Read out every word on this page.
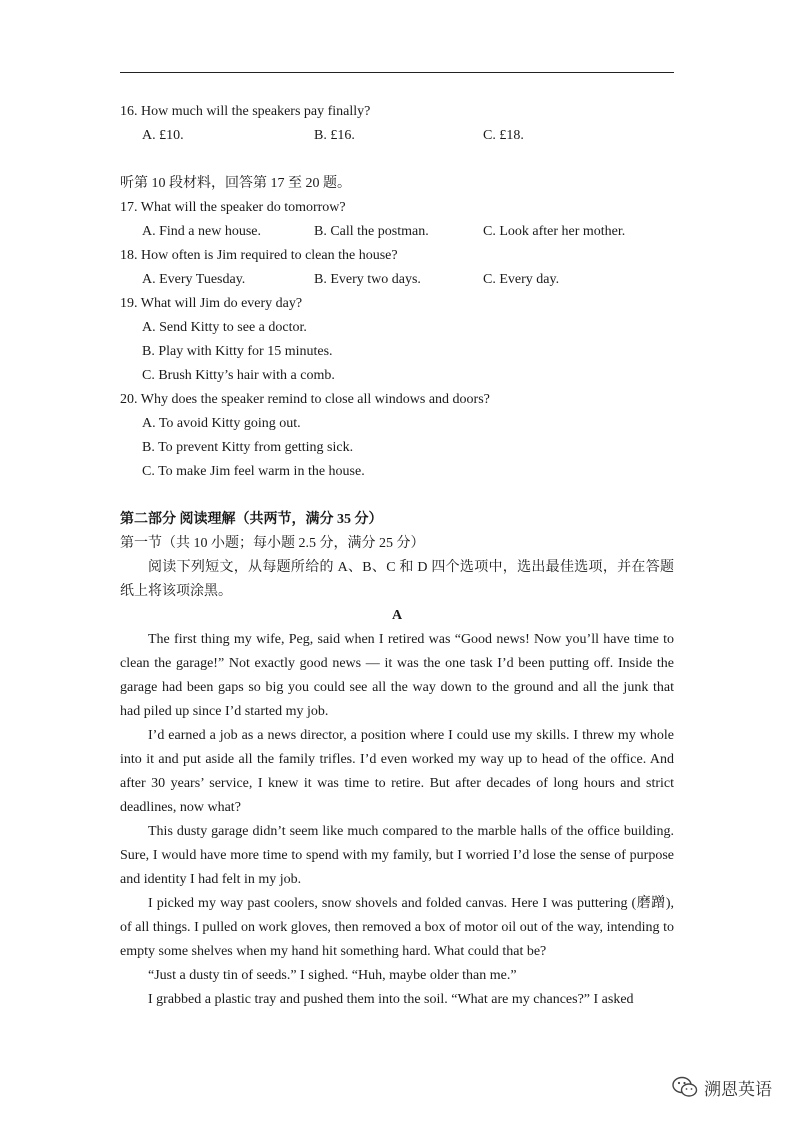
16. How much will the speakers pay finally?
A. £10.	B. £16.	C. £18.
听第 10 段材料，回答第 17 至 20 题。
17. What will the speaker do tomorrow?
A. Find a new house.	B. Call the postman.	C. Look after her mother.
18. How often is Jim required to clean the house?
A. Every Tuesday.	B. Every two days.	C. Every day.
19. What will Jim do every day?
A. Send Kitty to see a doctor.
B. Play with Kitty for 15 minutes.
C. Brush Kitty’s hair with a comb.
20. Why does the speaker remind to close all windows and doors?
A. To avoid Kitty going out.
B. To prevent Kitty from getting sick.
C. To make Jim feel warm in the house.
第二部分 阅读理解（共两节，满分 35 分）
第一节（共 10 小题；每小题 2.5 分，满分 25 分）

阅读下列短文，从每题所给的 A、B、C 和 D 四个选项中，选出最佳选项，并在答题纸上将该项涂黑。

A

The first thing my wife, Peg, said when I retired was “Good news! Now you’ll have time to clean the garage!” Not exactly good news — it was the one task I’d been putting off. Inside the garage had been gaps so big you could see all the way down to the ground and all the junk that had piled up since I’d started my job.

I’d earned a job as a news director, a position where I could use my skills. I threw my whole into it and put aside all the family trifles. I’d even worked my way up to head of the office. And after 30 years’ service, I knew it was time to retire. But after decades of long hours and strict deadlines, now what?

This dusty garage didn’t seem like much compared to the marble halls of the office building. Sure, I would have more time to spend with my family, but I worried I’d lose the sense of purpose and identity I had felt in my job.

I picked my way past coolers, snow shovels and folded canvas. Here I was puttering (磨蹭), of all things. I pulled on work gloves, then removed a box of motor oil out of the way, intending to empty some shelves when my hand hit something hard. What could that be?

“Just a dusty tin of seeds.” I sighed. “Huh, maybe older than me.”

I grabbed a plastic tray and pushed them into the soil. “What are my chances?” I asked

溯恩英语
